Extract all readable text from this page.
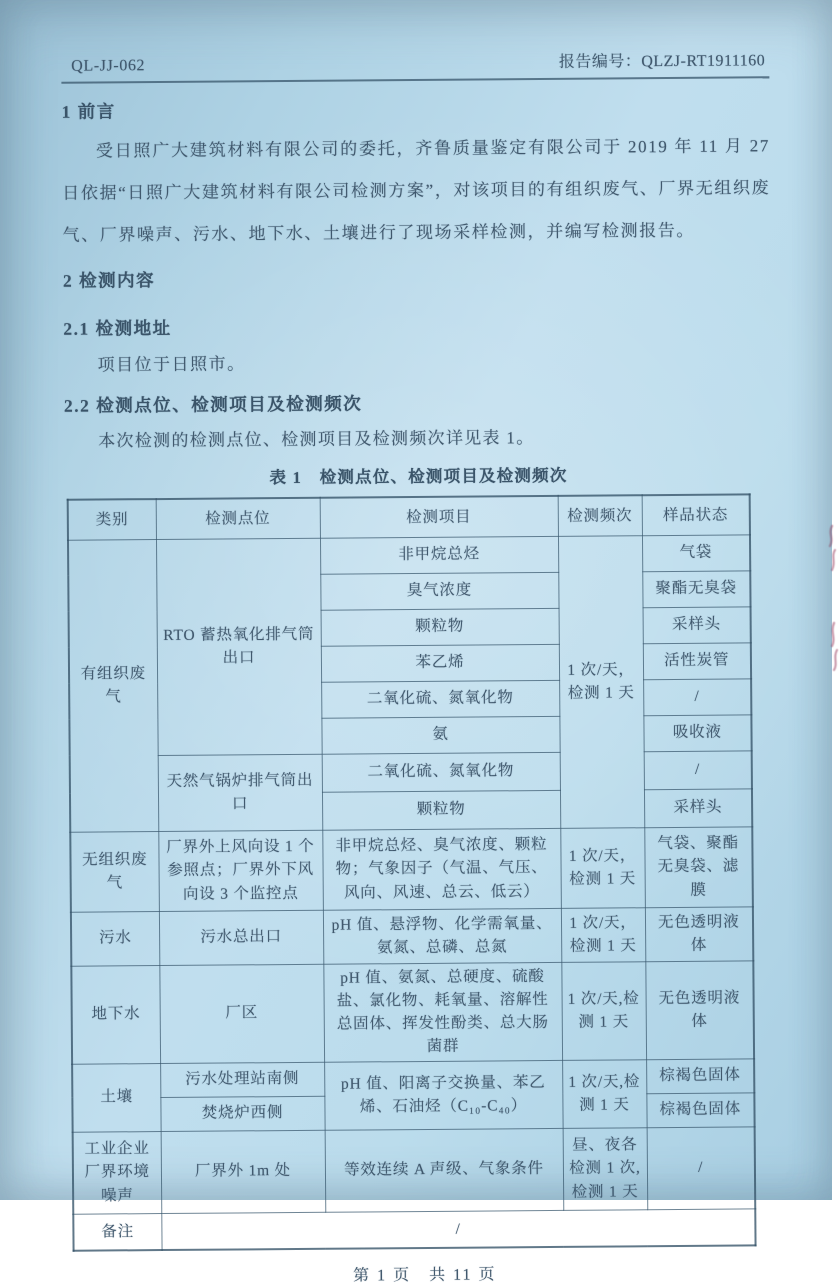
QL-JJ-062	报告编号：QLZJ-RT1911160

1 前言

受日照广大建筑材料有限公司的委托，齐鲁质量鉴定有限公司于 2019 年 11 月 27 日依据“日照广大建筑材料有限公司检测方案”，对该项目的有组织废气、厂界无组织废气、厂界噪声、污水、地下水、土壤进行了现场采样检测，并编写检测报告。

2 检测内容

2.1 检测地址

项目位于日照市。

2.2 检测点位、检测项目及检测频次

本次检测的检测点位、检测项目及检测频次详见表 1。

表 1　检测点位、检测项目及检测频次
类别	检测点位	检测项目	检测频次	样品状态
有组织废气	RTO 蓄热氧化排气筒出口	非甲烷总烃	1 次/天，检测 1 天	气袋
		臭气浓度		聚酯无臭袋
		颗粒物		采样头
		苯乙烯		活性炭管
		二氧化硫、氮氧化物		/
		氨		吸收液
	天然气锅炉排气筒出口	二氧化硫、氮氧化物		/
		颗粒物		采样头
无组织废气	厂界外上风向设 1 个参照点；厂界外下风向设 3 个监控点	非甲烷总烃、臭气浓度、颗粒物；气象因子（气温、气压、风向、风速、总云、低云）	1 次/天，检测 1 天	气袋、聚酯无臭袋、滤膜
污水	污水总出口	pH 值、悬浮物、化学需氧量、氨氮、总磷、总氮	1 次/天，检测 1 天	无色透明液体
地下水	厂区	pH 值、氨氮、总硬度、硫酸盐、氯化物、耗氧量、溶解性总固体、挥发性酚类、总大肠菌群	1 次/天,检测 1 天	无色透明液体
土壤	污水处理站南侧	pH 值、阳离子交换量、苯乙烯、石油烃（C₁₀-C₄₀）	1 次/天,检测 1 天	棕褐色固体
	焚烧炉西侧			棕褐色固体
工业企业厂界环境噪声	厂界外 1m 处	等效连续 A 声级、气象条件	昼、夜各检测 1 次,检测 1 天	/
备注	/			
第 1 页　共 11 页
